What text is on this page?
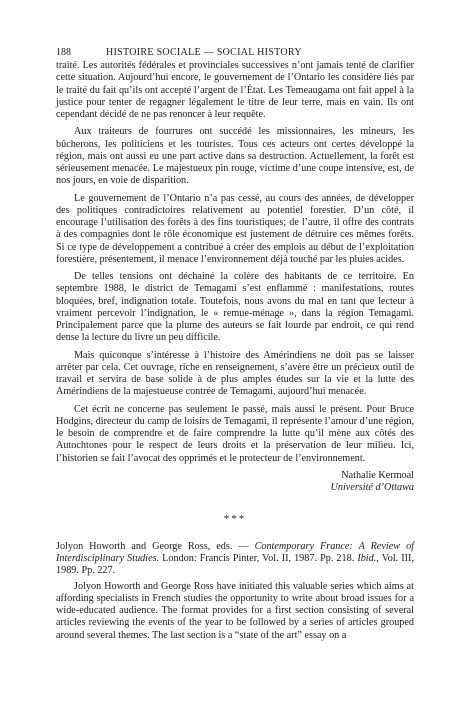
188	HISTOIRE SOCIALE — SOCIAL HISTORY

traité. Les autorités fédérales et provinciales successives n’ont jamais tenté de clarifier cette situation. Aujourd’hui encore, le gouvernement de l’Ontario les considère liés par le traité du fait qu’ils ont accepté l’argent de l’État. Les Temeaugama ont fait appel à la justice pour tenter de regagner légalement le titre de leur terre, mais en vain. Ils ont cependant décidé de ne pas renoncer à leur requête.

Aux traiteurs de fourrures ont succédé les missionnaires, les mineurs, les bûcherons, les politiciens et les touristes. Tous ces acteurs ont certes développé la région, mais ont aussi eu une part active dans sa destruction. Actuellement, la forêt est sérieusement menacée. Le majestueux pin rouge, victime d’une coupe intensive, est, de nos jours, en voie de disparition.

Le gouvernement de l’Ontario n’a pas cessé, au cours des années, de développer des politiques contradictoires relativement au potentiel forestier. D’un côté, il encourage l’utilisation des forêts à des fins touristiques; de l’autre, il offre des contrats à des compagnies dont le rôle économique est justement de détruire ces mêmes forêts. Si ce type de développement a contribué à créer des emplois au début de l’exploitation forestière, présentement, il menace l’environnement déjà touché par les pluies acides.

De telles tensions ont déchainé la colère des habitants de ce territoire. En septembre 1988, le district de Temagami s’est enflammé : manifestations, routes bloquées, bref, indignation totale. Toutefois, nous avons du mal en tant que lecteur à vraiment percevoir l’indignation, le « remue-ménage », dans la région Temagami. Principalement parce que la plume des auteurs se fait lourde par endroit, ce qui rend dense la lecture du livre un peu difficile.

Mais quiconque s’intéresse à l’histoire des Amérindiens ne doit pas se laisser arrêter par cela. Cet ouvrage, riche en renseignement, s’avère être un précieux outil de travail et servira de base solide à de plus amples études sur la vie et la lutte des Amérindiens de la majestueuse contrée de Temagami, aujourd’hui menacée.

Cet écrit ne concerne pas seulement le passé, mais aussi le présent. Pour Bruce Hodgins, directeur du camp de loisirs de Temagami, il représente l’amour d’une région, le besoin de comprendre et de faire comprendre la lutte qu’il mène aux côtés des Autochtones pour le respect de leurs droits et la préservation de leur milieu. Ici, l’historien se fait l’avocat des opprimés et le protecteur de l’environnement.

Nathalie Kermoal
Université d’Ottawa
***
Jolyon Howorth and George Ross, eds. — Contemporary France: A Review of Interdisciplinary Studies. London: Francis Pinter, Vol. II, 1987. Pp. 218. Ibid., Vol. III, 1989. Pp. 227.

Jolyon Howorth and George Ross have initiated this valuable series which aims at affording specialists in French studies the opportunity to write about broad issues for a wide-educated audience. The format provides for a first section consisting of several articles reviewing the events of the year to be followed by a series of articles grouped around several themes. The last section is a “state of the art” essay on a
